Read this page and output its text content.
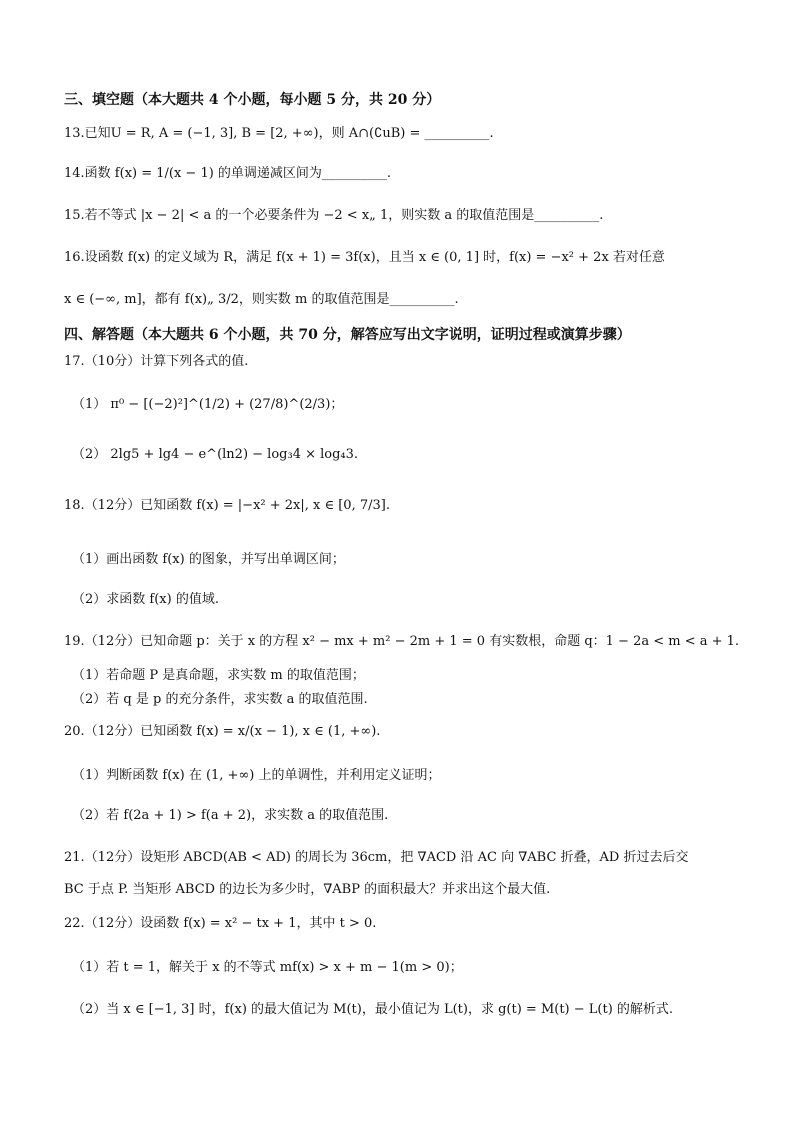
三、填空题（本大题共 4 个小题，每小题 5 分，共 20 分）
13.已知U = R, A = (−1, 3], B = [2, +∞)，则 A∩(∁uB) = __________.
14.函数 f(x) = 1/(x − 1) 的单调递减区间为__________.
15.若不等式 |x − 2| < a 的一个必要条件为 −2 < x„ 1，则实数 a 的取值范围是__________.
16.设函数 f(x) 的定义域为 R，满足 f(x + 1) = 3f(x)，且当 x ∈ (0, 1] 时，f(x) = −x² + 2x 若对任意
x ∈ (−∞, m]，都有 f(x)„ 3/2，则实数 m 的取值范围是__________.
四、解答题（本大题共 6 个小题，共 70 分，解答应写出文字说明，证明过程或演算步骤）
17.（10分）计算下列各式的值.
（1） π⁰ − [(−2)²]^(1/2) + (27/8)^(2/3)；
（2） 2lg5 + lg4 − e^(ln2) − log₃4 × log₄3.
18.（12分）已知函数 f(x) = |−x² + 2x|, x ∈ [0, 7/3].
（1）画出函数 f(x) 的图象，并写出单调区间；
（2）求函数 f(x) 的值域.
19.（12分）已知命题 p：关于 x 的方程 x² − mx + m² − 2m + 1 = 0 有实数根，命题 q：1 − 2a < m < a + 1.
（1）若命题 P 是真命题，求实数 m 的取值范围；
（2）若 q 是 p 的充分条件，求实数 a 的取值范围.
20.（12分）已知函数 f(x) = x/(x − 1), x ∈ (1, +∞).
（1）判断函数 f(x) 在 (1, +∞) 上的单调性，并利用定义证明；
（2）若 f(2a + 1) > f(a + 2)，求实数 a 的取值范围.
21.（12分）设矩形 ABCD(AB < AD) 的周长为 36cm，把 ∇ACD 沿 AC 向 ∇ABC 折叠，AD 折过去后交
BC 于点 P. 当矩形 ABCD 的边长为多少时，∇ABP 的面积最大？并求出这个最大值.
22.（12分）设函数 f(x) = x² − tx + 1，其中 t > 0.
（1）若 t = 1，解关于 x 的不等式 mf(x) > x + m − 1(m > 0)；
（2）当 x ∈ [−1, 3] 时，f(x) 的最大值记为 M(t)，最小值记为 L(t)，求 g(t) = M(t) − L(t) 的解析式.
